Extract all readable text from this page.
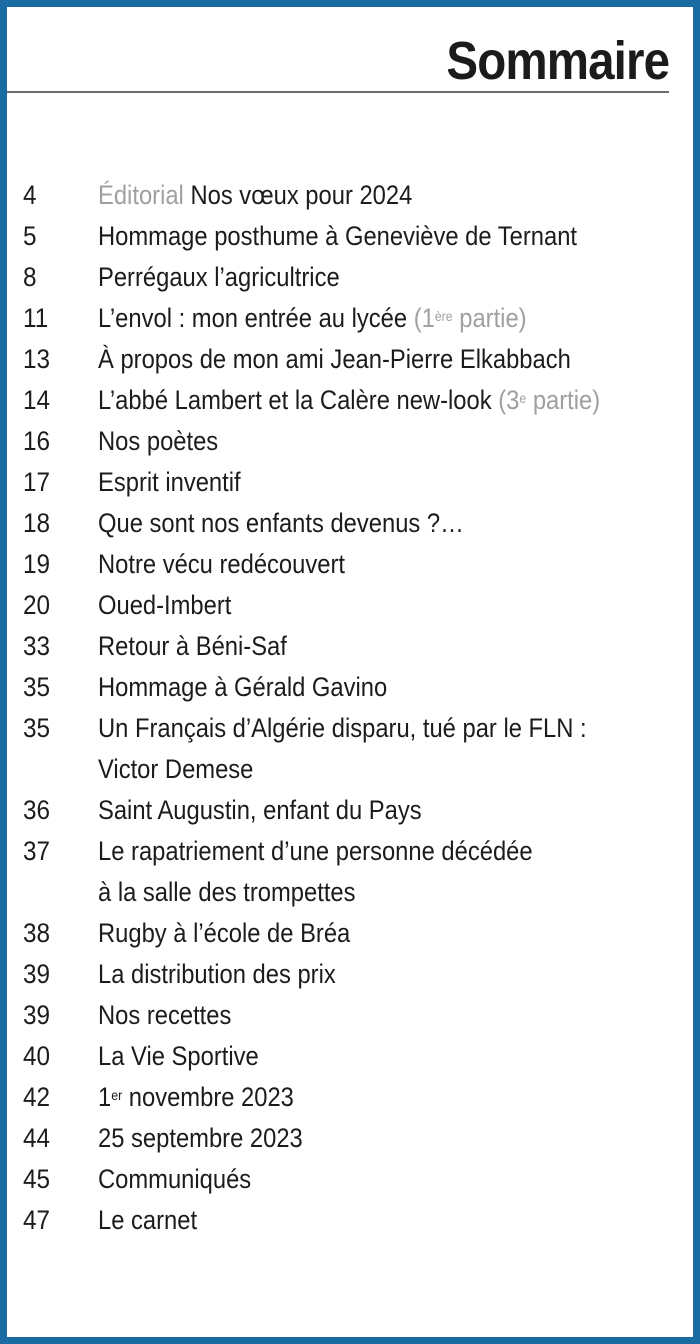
Sommaire
4	Éditorial Nos vœux pour 2024
5	Hommage posthume à Geneviève de Ternant
8	Perrégaux l’agricultrice
11	L’envol : mon entrée au lycée (1ère partie)
13	À propos de mon ami Jean-Pierre Elkabbach
14	L’abbé Lambert et la Calère new-look (3e partie)
16	Nos poètes
17	Esprit inventif
18	Que sont nos enfants devenus ?…
19	Notre vécu redécouvert
20	Oued-Imbert
33	Retour à Béni-Saf
35	Hommage à Gérald Gavino
35	Un Français d’Algérie disparu, tué par le FLN :
Victor Demese
36	Saint Augustin, enfant du Pays
37	Le rapatriement d’une personne décédée
à la salle des trompettes
38	Rugby à l’école de Bréa
39	La distribution des prix
39	Nos recettes
40	La Vie Sportive
42	1er novembre 2023
44	25 septembre 2023
45	Communiqués
47	Le carnet
